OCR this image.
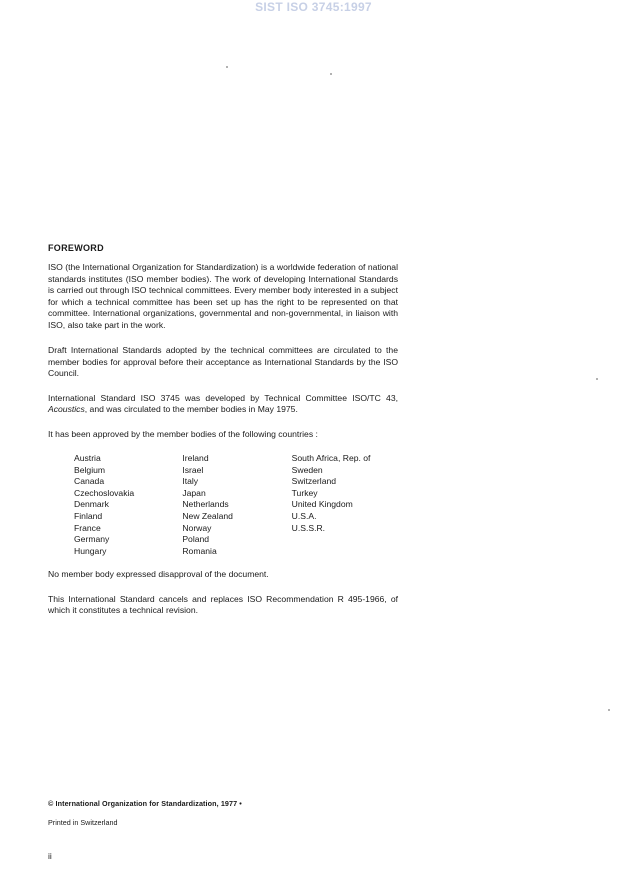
SIST ISO 3745:1997
FOREWORD

ISO (the International Organization for Standardization) is a worldwide federation of national standards institutes (ISO member bodies). The work of developing International Standards is carried out through ISO technical committees. Every member body interested in a subject for which a technical committee has been set up has the right to be represented on that committee. International organizations, governmental and non-governmental, in liaison with ISO, also take part in the work.

Draft International Standards adopted by the technical committees are circulated to the member bodies for approval before their acceptance as International Standards by the ISO Council.

International Standard ISO 3745 was developed by Technical Committee ISO/TC 43, Acoustics, and was circulated to the member bodies in May 1975.

It has been approved by the member bodies of the following countries :

Austria
Belgium
Canada
Czechoslovakia
Denmark
Finland
France
Germany
Hungary
Ireland
Israel
Italy
Japan
Netherlands
New Zealand
Norway
Poland
Romania
South Africa, Rep. of
Sweden
Switzerland
Turkey
United Kingdom
U.S.A.
U.S.S.R.

No member body expressed disapproval of the document.

This International Standard cancels and replaces ISO Recommendation R 495-1966, of which it constitutes a technical revision.

© International Organization for Standardization, 1977 •
Printed in Switzerland
ii
